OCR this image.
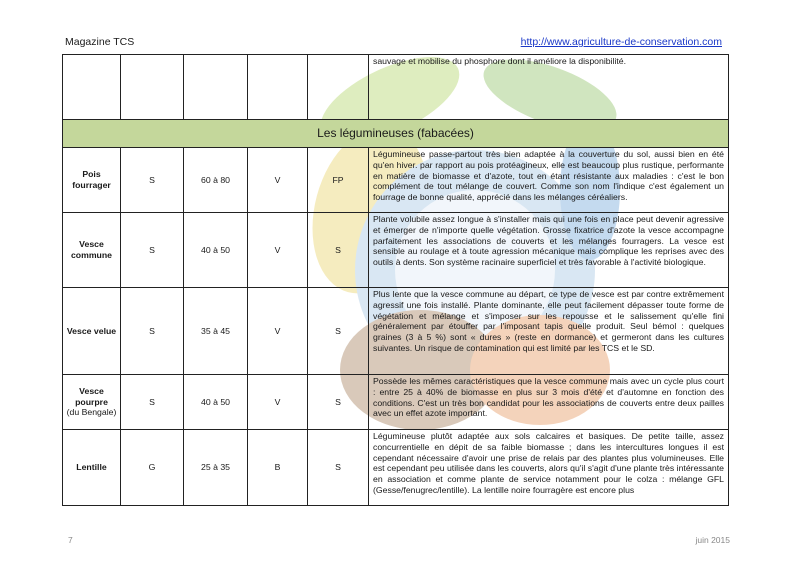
Magazine TCS	http://www.agriculture-de-conservation.com
					sauvage et mobilise du phosphore dont il améliore la disponibilité.
Les légumineuses (fabacées)					
Pois fourrager	S	60 à 80	V	FP	Légumineuse passe-partout très bien adaptée à la couverture du sol, aussi bien en été qu'en hiver. par rapport au pois protéagineux, elle est beaucoup plus rustique, performante en matière de biomasse et d'azote, tout en étant résistante aux maladies : c'est le bon complément de tout mélange de couvert. Comme son nom l'indique c'est également un fourrage de bonne qualité, apprécié dans les mélanges céréaliers.
Vesce commune	S	40 à 50	V	S	Plante volubile assez longue à s'installer mais qui une fois en place peut devenir agressive et émerger de n'importe quelle végétation. Grosse fixatrice d'azote la vesce accompagne parfaitement les associations de couverts et les mélanges fourragers. La vesce est sensible au roulage et à toute agression mécanique mais complique les reprises avec des outils à dents. Son système racinaire superficiel et très favorable à l'activité biologique.
Vesce velue	S	35 à 45	V	S	Plus lente que la vesce commune au départ, ce type de vesce est par contre extrêmement agressif une fois installé. Plante dominante, elle peut facilement dépasser toute forme de végétation et mélange et s'imposer sur les repousse et le salissement qu'elle fini généralement par étouffer par l'imposant tapis quelle produit. Seul bémol : quelques graines (3 à 5 %) sont « dures » (reste en dormance) et germeront dans les cultures suivantes. Un risque de contamination qui est limité par les TCS et le SD.
Vesce pourpre
(du Bengale)	S	40 à 50	V	S	Possède les mêmes caractéristiques que la vesce commune mais avec un cycle plus court : entre 25 à 40% de biomasse en plus sur 3 mois d'été et d'automne en fonction des conditions. C'est un très bon candidat pour les associations de couverts entre deux pailles avec un effet azote important.
Lentille	G	25 à 35	B	S	Légumineuse plutôt adaptée aux sols calcaires et basiques. De petite taille, assez concurrentielle en dépit de sa faible biomasse ; dans les intercultures longues il est cependant nécessaire d'avoir une prise de relais par des plantes plus volumineuses. Elle est cependant peu utilisée dans les couverts, alors qu'il s'agit d'une plante très intéressante en association et comme plante de service notamment pour le colza : mélange GFL (Gesse/fenugrec/lentille). La lentille noire fourragère est encore plus
7	juin 2015
